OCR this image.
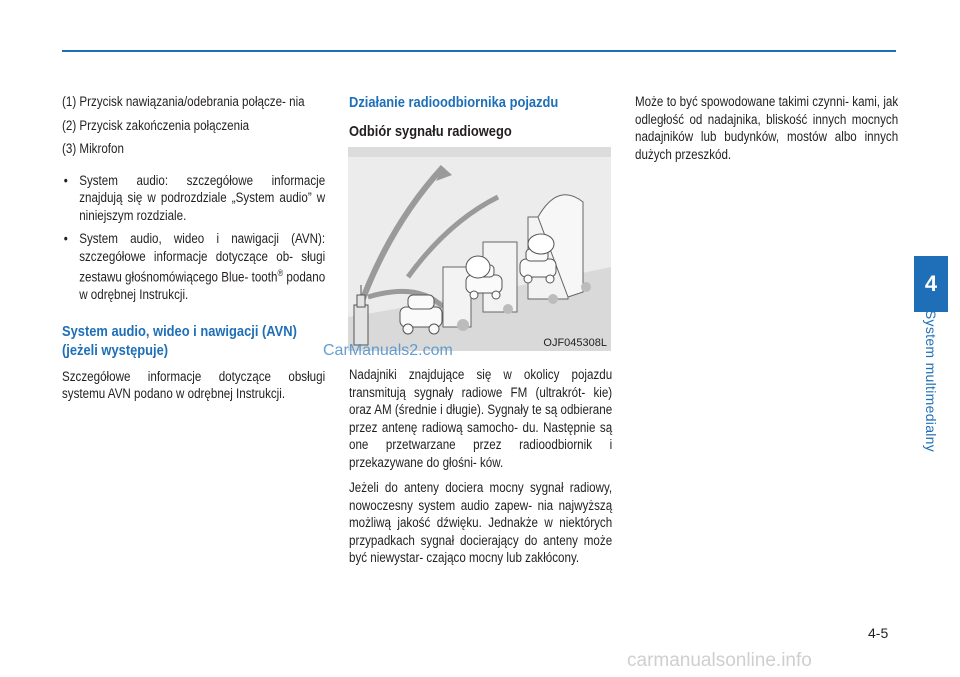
(1) Przycisk nawiązania/odebrania połącze- nia

(2) Przycisk zakończenia połączenia

(3) Mikrofon

• System audio: szczegółowe informacje znajdują się w podrozdziale „System audio” w niniejszym rozdziale.
• System audio, wideo i nawigacji (AVN): szczegółowe informacje dotyczące ob- sługi zestawu głośnomówiącego Blue- tooth® podano w odrębnej Instrukcji.

System audio, wideo i nawigacji (AVN)

(jeżeli występuje)

Szczegółowe informacje dotyczące obsługi systemu AVN podano w odrębnej Instrukcji.

Działanie radioodbiornika pojazdu

Odbiór sygnału radiowego

OJF045308L

Nadajniki znajdujące się w okolicy pojazdu transmitują sygnały radiowe FM (ultrakrót- kie) oraz AM (średnie i długie). Sygnały te są odbierane przez antenę radiową samocho- du. Następnie są one przetwarzane przez radioodbiornik i przekazywane do głośni- ków.

Jeżeli do anteny dociera mocny sygnał radiowy, nowoczesny system audio zapew- nia najwyższą możliwą jakość dźwięku. Jednakże w niektórych przypadkach sygnał docierający do anteny może być niewystar- czająco mocny lub zakłócony.

Może to być spowodowane takimi czynni- kami, jak odległość od nadajnika, bliskość innych mocnych nadajników lub budynków, mostów albo innych dużych przeszkód.

CarManuals2.com
4
System multimedialny
4-5
carmanualsonline.info
